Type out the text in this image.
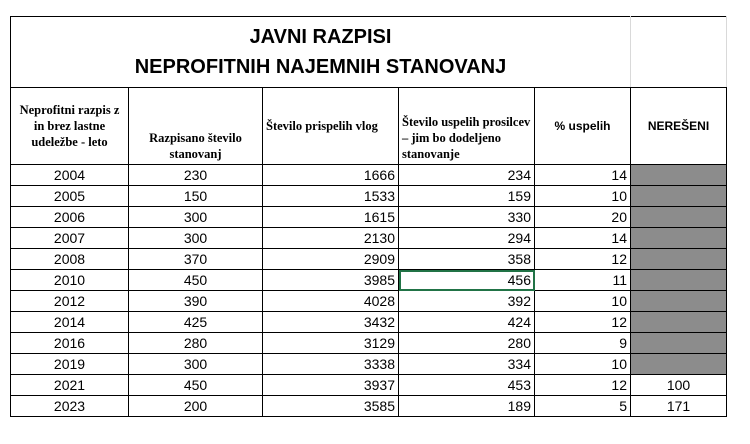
JAVNI RAZPISI
NEPROFITNIH NAJEMNIH STANOVANJ					

Neprofitni razpis z in brez lastne udeležbe - leto	Razpisano število stanovanj	Število prispelih vlog	Število uspelih prosilcev – jim bo dodeljeno stanovanje	% uspelih	NEREŠENI
2004	230	1666	234	14	
2005	150	1533	159	10	
2006	300	1615	330	20	
2007	300	2130	294	14	
2008	370	2909	358	12	
2010	450	3985	456	11	
2012	390	4028	392	10	
2014	425	3432	424	12	
2016	280	3129	280	9	
2019	300	3338	334	10	
2021	450	3937	453	12	100
2023	200	3585	189	5	171
